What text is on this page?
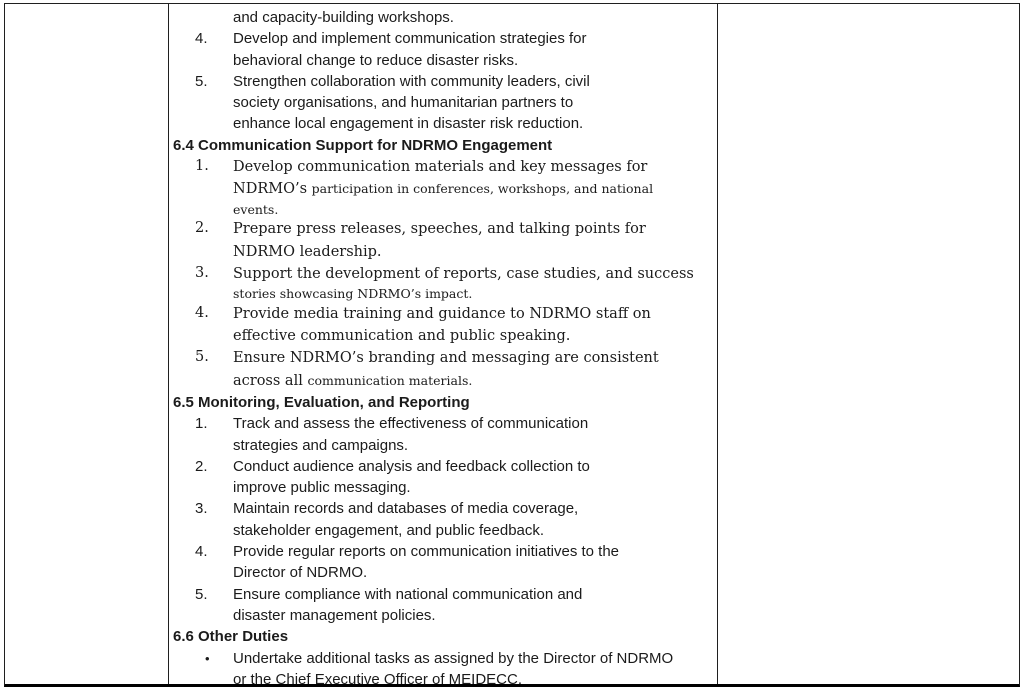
and capacity-building workshops.
4. Develop and implement communication strategies for
behavioral change to reduce disaster risks.
5. Strengthen collaboration with community leaders, civil
society organisations, and humanitarian partners to
enhance local engagement in disaster risk reduction.
6.4 Communication Support for NDRMO Engagement
1. Develop communication materials and key messages for
NDRMO’s participation in conferences, workshops, and national
events.
2. Prepare press releases, speeches, and talking points for
NDRMO leadership.
3. Support the development of reports, case studies, and success
stories showcasing NDRMO’s impact.
4. Provide media training and guidance to NDRMO staff on
effective communication and public speaking.
5. Ensure NDRMO’s branding and messaging are consistent
across all communication materials.
6.5 Monitoring, Evaluation, and Reporting
1. Track and assess the effectiveness of communication
strategies and campaigns.
2. Conduct audience analysis and feedback collection to
improve public messaging.
3. Maintain records and databases of media coverage,
stakeholder engagement, and public feedback.
4. Provide regular reports on communication initiatives to the
Director of NDRMO.
5. Ensure compliance with national communication and
disaster management policies.
6.6 Other Duties
• Undertake additional tasks as assigned by the Director of NDRMO
or the Chief Executive Officer of MEIDECC.
